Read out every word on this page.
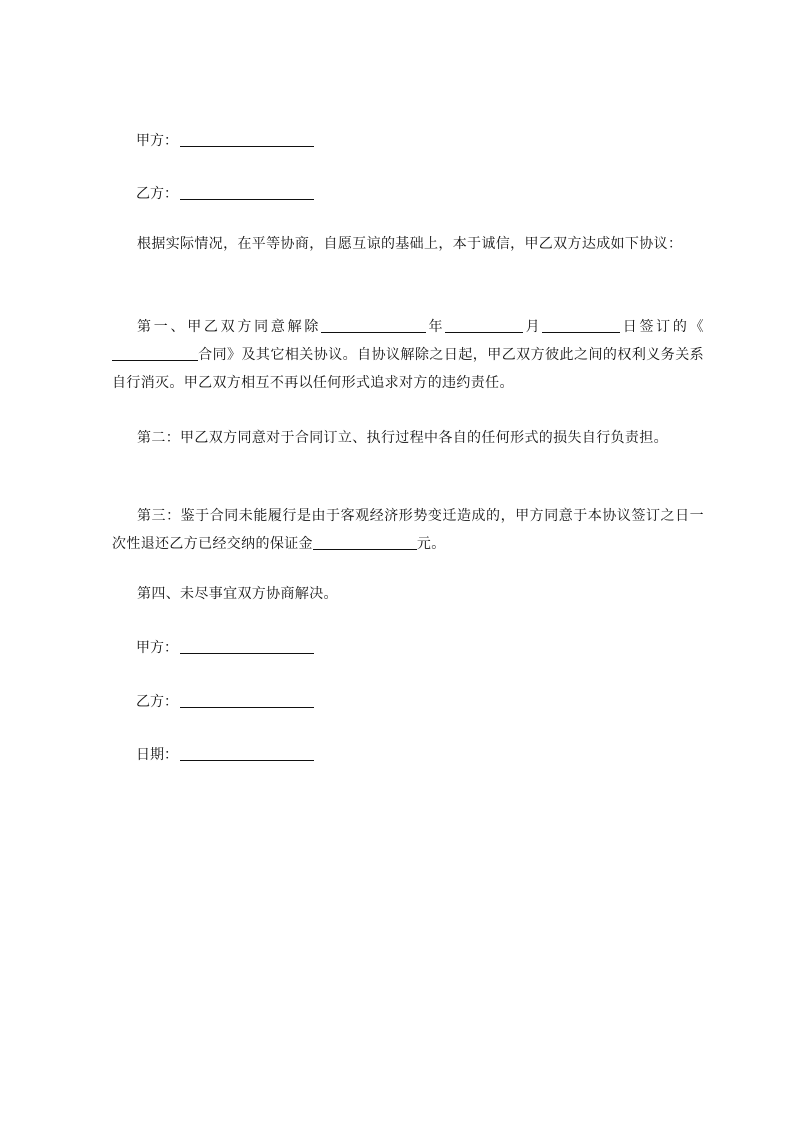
甲方：
乙方：

根据实际情况，在平等协商，自愿互谅的基础上，本于诚信，甲乙双方达成如下协议：

第一、甲乙双方同意解除	年	月	日签订的《合同》及其它相关协议。自协议解除之日起，甲乙双方彼此之间的权利义务关系自行消灭。甲乙双方相互不再以任何形式追求对方的违约责任。

第二：甲乙双方同意对于合同订立、执行过程中各自的任何形式的损失自行负责担。

第三：鉴于合同未能履行是由于客观经济形势变迁造成的，甲方同意于本协议签订之日一次性退还乙方已经交纳的保证金	元。

第四、未尽事宜双方协商解决。

甲方：
乙方：
日期：
